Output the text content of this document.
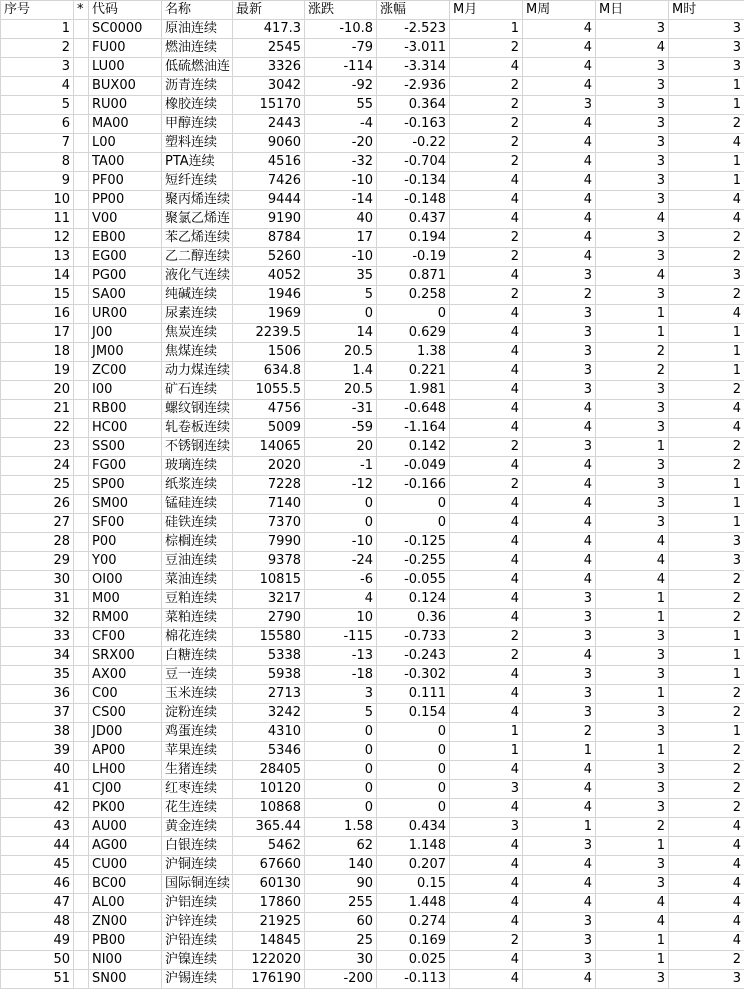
序号	*	代码	名称	最新	涨跌	涨幅	M月	M周	M日	M时
1		SC0000	原油连续	417.3	-10.8	-2.523	1	4	3	3
2		FU00	燃油连续	2545	-79	-3.011	2	4	4	3
3		LU00	低硫燃油连	3326	-114	-3.314	4	4	3	3
4		BUX00	沥青连续	3042	-92	-2.936	2	4	3	1
5		RU00	橡胶连续	15170	55	0.364	2	3	3	1
6		MA00	甲醇连续	2443	-4	-0.163	2	4	3	2
7		L00	塑料连续	9060	-20	-0.22	2	4	3	4
8		TA00	PTA连续	4516	-32	-0.704	2	4	3	1
9		PF00	短纤连续	7426	-10	-0.134	4	4	3	1
10		PP00	聚丙烯连续	9444	-14	-0.148	4	4	3	4
11		V00	聚氯乙烯连	9190	40	0.437	4	4	4	4
12		EB00	苯乙烯连续	8784	17	0.194	2	4	3	2
13		EG00	乙二醇连续	5260	-10	-0.19	2	4	3	2
14		PG00	液化气连续	4052	35	0.871	4	3	4	3
15		SA00	纯碱连续	1946	5	0.258	2	2	3	2
16		UR00	尿素连续	1969	0	0	4	3	1	4
17		J00	焦炭连续	2239.5	14	0.629	4	3	1	1
18		JM00	焦煤连续	1506	20.5	1.38	4	3	2	1
19		ZC00	动力煤连续	634.8	1.4	0.221	4	3	2	1
20		I00	矿石连续	1055.5	20.5	1.981	4	3	3	2
21		RB00	螺纹钢连续	4756	-31	-0.648	4	4	3	4
22		HC00	轧卷板连续	5009	-59	-1.164	4	4	3	4
23		SS00	不锈钢连续	14065	20	0.142	2	3	1	2
24		FG00	玻璃连续	2020	-1	-0.049	4	4	3	2
25		SP00	纸浆连续	7228	-12	-0.166	2	4	3	1
26		SM00	锰硅连续	7140	0	0	4	4	3	1
27		SF00	硅铁连续	7370	0	0	4	4	3	1
28		P00	棕榈连续	7990	-10	-0.125	4	4	4	3
29		Y00	豆油连续	9378	-24	-0.255	4	4	4	3
30		OI00	菜油连续	10815	-6	-0.055	4	4	4	2
31		M00	豆粕连续	3217	4	0.124	4	3	1	2
32		RM00	菜粕连续	2790	10	0.36	4	3	1	2
33		CF00	棉花连续	15580	-115	-0.733	2	3	3	1
34		SRX00	白糖连续	5338	-13	-0.243	2	4	3	1
35		AX00	豆一连续	5938	-18	-0.302	4	3	3	1
36		C00	玉米连续	2713	3	0.111	4	3	1	2
37		CS00	淀粉连续	3242	5	0.154	4	3	3	2
38		JD00	鸡蛋连续	4310	0	0	1	2	3	1
39		AP00	苹果连续	5346	0	0	1	1	1	2
40		LH00	生猪连续	28405	0	0	4	4	3	2
41		CJ00	红枣连续	10120	0	0	3	4	3	2
42		PK00	花生连续	10868	0	0	4	4	3	2
43		AU00	黄金连续	365.44	1.58	0.434	3	1	2	4
44		AG00	白银连续	5462	62	1.148	4	3	1	4
45		CU00	沪铜连续	67660	140	0.207	4	4	3	4
46		BC00	国际铜连续	60130	90	0.15	4	4	3	4
47		AL00	沪铝连续	17860	255	1.448	4	4	4	4
48		ZN00	沪锌连续	21925	60	0.274	4	3	4	4
49		PB00	沪铅连续	14845	25	0.169	2	3	1	4
50		NI00	沪镍连续	122020	30	0.025	4	3	1	2
51		SN00	沪锡连续	176190	-200	-0.113	4	4	3	3
